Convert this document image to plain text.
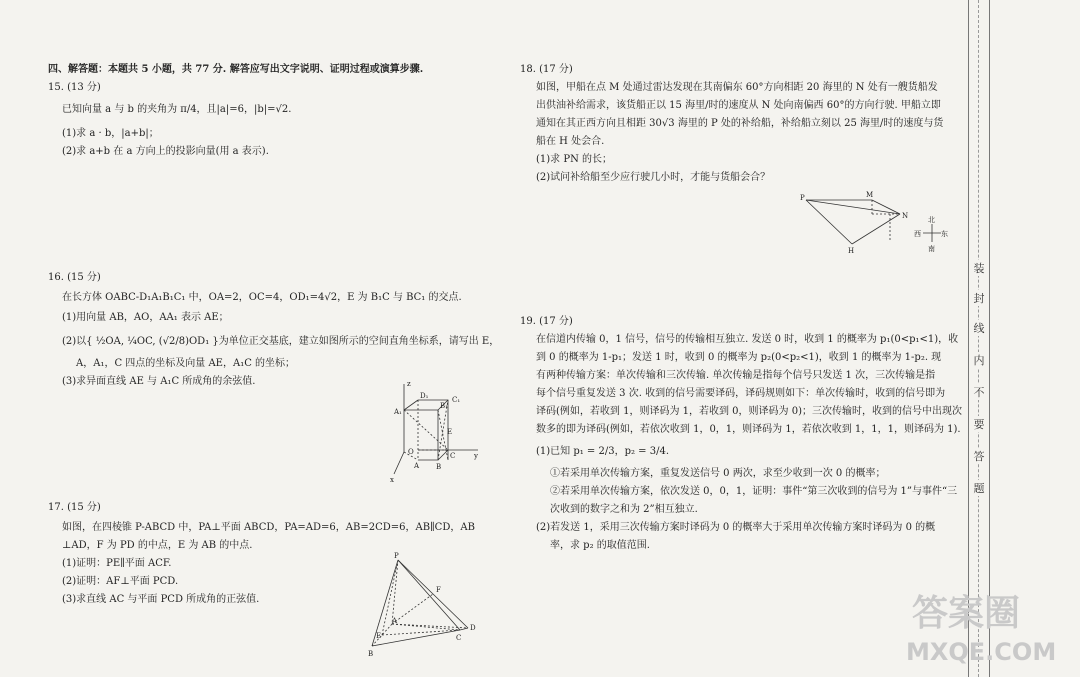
四、解答题：本题共 5 小题，共 77 分. 解答应写出文字说明、证明过程或演算步骤.
15. (13 分)
已知向量 a 与 b 的夹角为 π/4，且|a|=6，|b|=√2.
(1)求 a · b，|a+b|；
(2)求 a+b 在 a 方向上的投影向量(用 a 表示).
16. (15 分)
在长方体 OABC-D₁A₁B₁C₁ 中，OA=2，OC=4，OD₁=4√2，E 为 B₁C 与 BC₁ 的交点.
(1)用向量 AB，AO，AA₁ 表示 AE；
(2)以{ ½OA, ¼OC, (√2/8)OD₁ }为单位正交基底，建立如图所示的空间直角坐标系，请写出 E，
A，A₁，C 四点的坐标及向量 AE，A₁C 的坐标；
(3)求异面直线 AE 与 A₁C 所成角的余弦值.	z
D₁	C₁
A₁
B₁
E
O	C	y
A B
x
17. (15 分)
如图，在四棱锥 P-ABCD 中，PA⊥平面 ABCD，PA=AD=6，AB=2CD=6，AB∥CD，AB
⊥AD，F 为 PD 的中点，E 为 AB 的中点.
(1)证明：PE∥平面 ACF.
(2)证明：AF⊥平面 PCD.
(3)求直线 AC 与平面 PCD 所成角的正弦值.
P
F
A
E
D
C
B
18. (17 分)
如图，甲船在点 M 处通过雷达发现在其南偏东 60°方向相距 20 海里的 N 处有一艘货船发
出供油补给需求，该货船正以 15 海里/时的速度从 N 处向南偏西 60°的方向行驶. 甲船立即
通知在其正西方向且相距 30√3 海里的 P 处的补给船，补给船立刻以 25 海里/时的速度与货
船在 H 处会合.
(1)求 PN 的长；
(2)试问补给船至少应行驶几小时，才能与货船会合？
P	M
N
H
北
南
西	东
19. (17 分)
在信道内传输 0，1 信号，信号的传输相互独立. 发送 0 时，收到 1 的概率为 p₁(0<p₁<1)，收
到 0 的概率为 1-p₁；发送 1 时，收到 0 的概率为 p₂(0<p₂<1)，收到 1 的概率为 1-p₂. 现
有两种传输方案：单次传输和三次传输. 单次传输是指每个信号只发送 1 次，三次传输是指
每个信号重复发送 3 次. 收到的信号需要译码，译码规则如下：单次传输时，收到的信号即为
译码(例如，若收到 1，则译码为 1，若收到 0，则译码为 0)；三次传输时，收到的信号中出现次
数多的即为译码(例如，若依次收到 1，0，1，则译码为 1，若依次收到 1，1，1，则译码为 1).
(1)已知 p₁ = 2/3，p₂ = 3/4.
①若采用单次传输方案，重复发送信号 0 两次，求至少收到一次 0 的概率；
②若采用单次传输方案，依次发送 0，0，1，证明：事件“第三次收到的信号为 1”与事件“三
次收到的数字之和为 2”相互独立.
(2)若发送 1，采用三次传输方案时译码为 0 的概率大于采用单次传输方案时译码为 0 的概
率，求 p₂ 的取值范围.
装
封
线
内
不
要
答
题
答案圈
MXQE.COM
